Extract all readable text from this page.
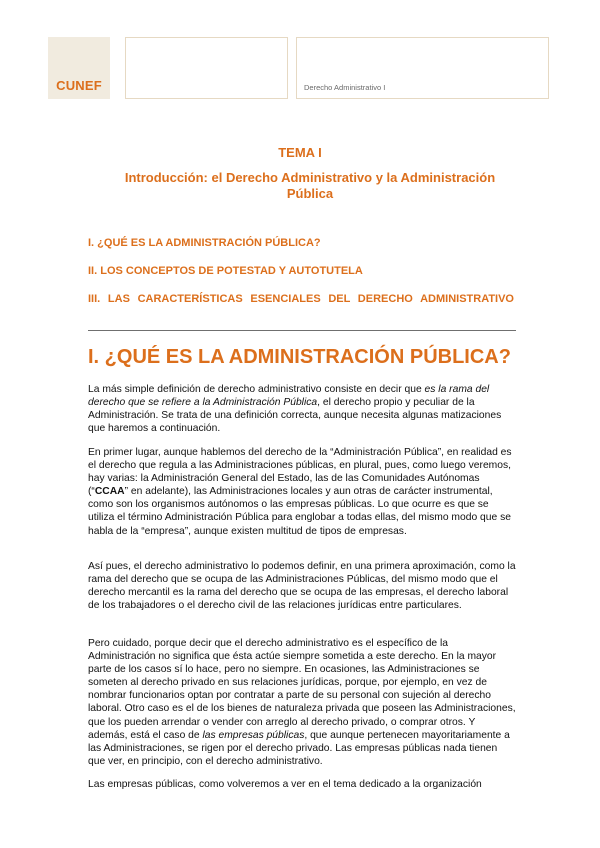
CUNEF	Derecho Administrativo I
TEMA I
Introducción: el Derecho Administrativo y la Administración Pública
I. ¿QUÉ ES LA ADMINISTRACIÓN PÚBLICA?
II. LOS CONCEPTOS DE POTESTAD Y AUTOTUTELA
III. LAS CARACTERÍSTICAS ESENCIALES DEL DERECHO ADMINISTRATIVO
I. ¿QUÉ ES LA ADMINISTRACIÓN PÚBLICA?

La más simple definición de derecho administrativo consiste en decir que es la rama del derecho que se refiere a la Administración Pública, el derecho propio y peculiar de la Administración. Se trata de una definición correcta, aunque necesita algunas matizaciones que haremos a continuación.

En primer lugar, aunque hablemos del derecho de la “Administración Pública”, en realidad es el derecho que regula a las Administraciones públicas, en plural, pues, como luego veremos, hay varias: la Administración General del Estado, las de las Comunidades Autónomas (“CCAA” en adelante), las Administraciones locales y aun otras de carácter instrumental, como son los organismos autónomos o las empresas públicas. Lo que ocurre es que se utiliza el término Administración Pública para englobar a todas ellas, del mismo modo que se habla de la “empresa”, aunque existen multitud de tipos de empresas.

Así pues, el derecho administrativo lo podemos definir, en una primera aproximación, como la rama del derecho que se ocupa de las Administraciones Públicas, del mismo modo que el derecho mercantil es la rama del derecho que se ocupa de las empresas, el derecho laboral de los trabajadores o el derecho civil de las relaciones jurídicas entre particulares.

Pero cuidado, porque decir que el derecho administrativo es el específico de la Administración no significa que ésta actúe siempre sometida a este derecho. En la mayor parte de los casos sí lo hace, pero no siempre. En ocasiones, las Administraciones se someten al derecho privado en sus relaciones jurídicas, porque, por ejemplo, en vez de nombrar funcionarios optan por contratar a parte de su personal con sujeción al derecho laboral. Otro caso es el de los bienes de naturaleza privada que poseen las Administraciones, que los pueden arrendar o vender con arreglo al derecho privado, o comprar otros. Y además, está el caso de las empresas públicas, que aunque pertenecen mayoritariamente a las Administraciones, se rigen por el derecho privado. Las empresas públicas nada tienen que ver, en principio, con el derecho administrativo.

Las empresas públicas, como volveremos a ver en el tema dedicado a la organización
